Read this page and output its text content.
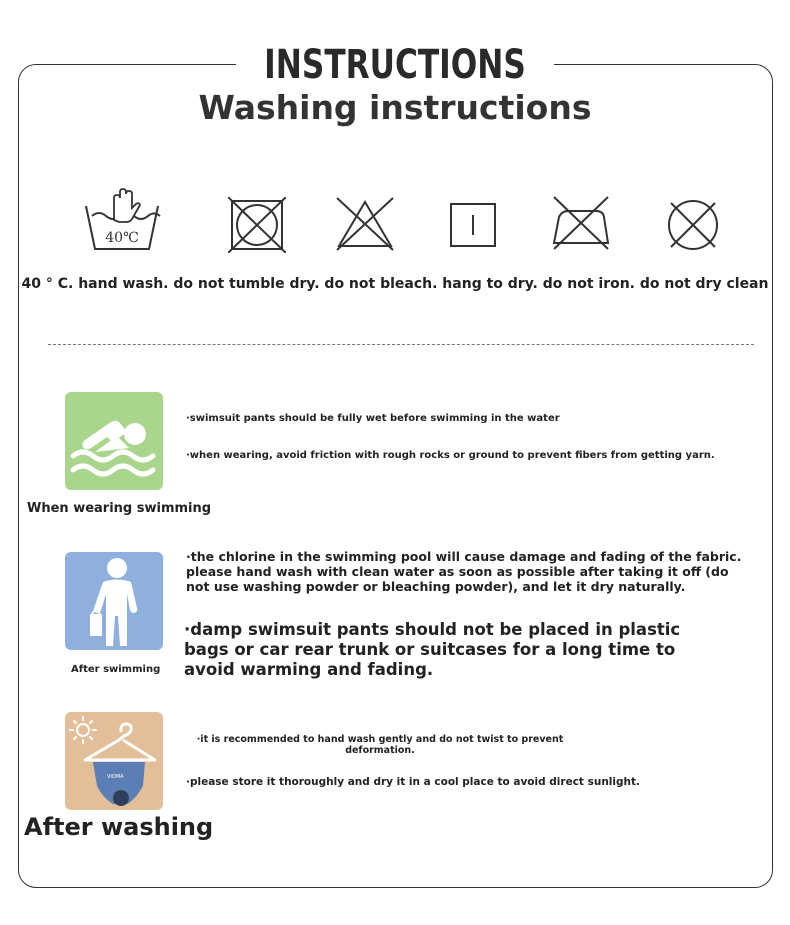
INSTRUCTIONS
Washing instructions
40℃
40 ° C. hand wash. do not tumble dry. do not bleach. hang to dry. do not iron. do not dry clean
When wearing swimming
·swimsuit pants should be fully wet before swimming in the water
·when wearing, avoid friction with rough rocks or ground to prevent fibers from getting yarn.
After swimming
·the chlorine in the swimming pool will cause damage and fading of the fabric. please hand wash with clean water as soon as possible after taking it off (do not use washing powder or bleaching powder), and let it dry naturally.
·damp swimsuit pants should not be placed in plastic bags or car rear trunk or suitcases for a long time to avoid warming and fading.
VIOMA
After washing
·it is recommended to hand wash gently and do not twist to prevent deformation.
·please store it thoroughly and dry it in a cool place to avoid direct sunlight.
